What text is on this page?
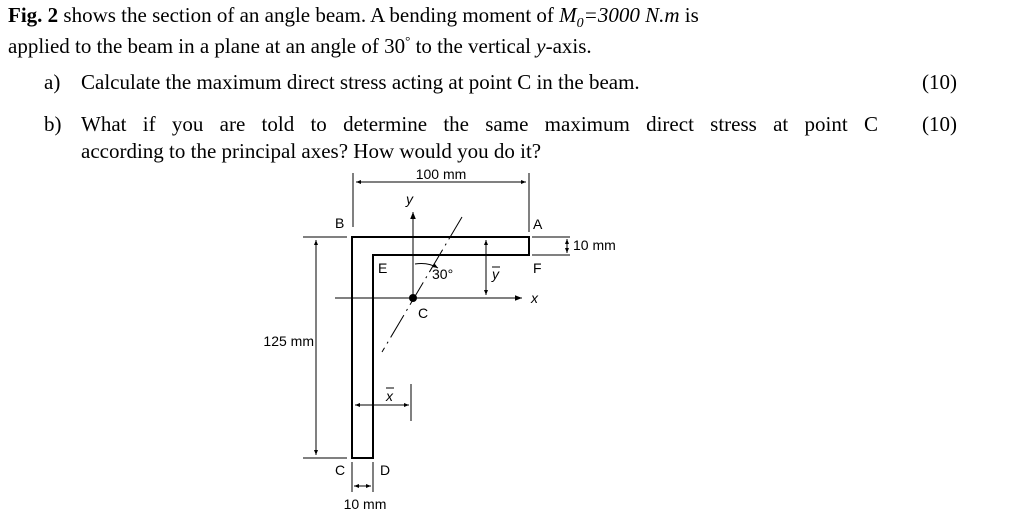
Fig. 2 shows the section of an angle beam. A bending moment of $M_0=3000$ N.m is
applied to the beam in a plane at an angle of 30° to the vertical y-axis.
a) Calculate the maximum direct stress acting at point C in the beam.	(10)
b) What if you are told to determine the same maximum direct stress at point C
according to the principal axes? How would you do it?
(10)
100 mm
125 mm
10 mm
10 mm
x
y
C
30°	y
x
B	A
F
E
C D
